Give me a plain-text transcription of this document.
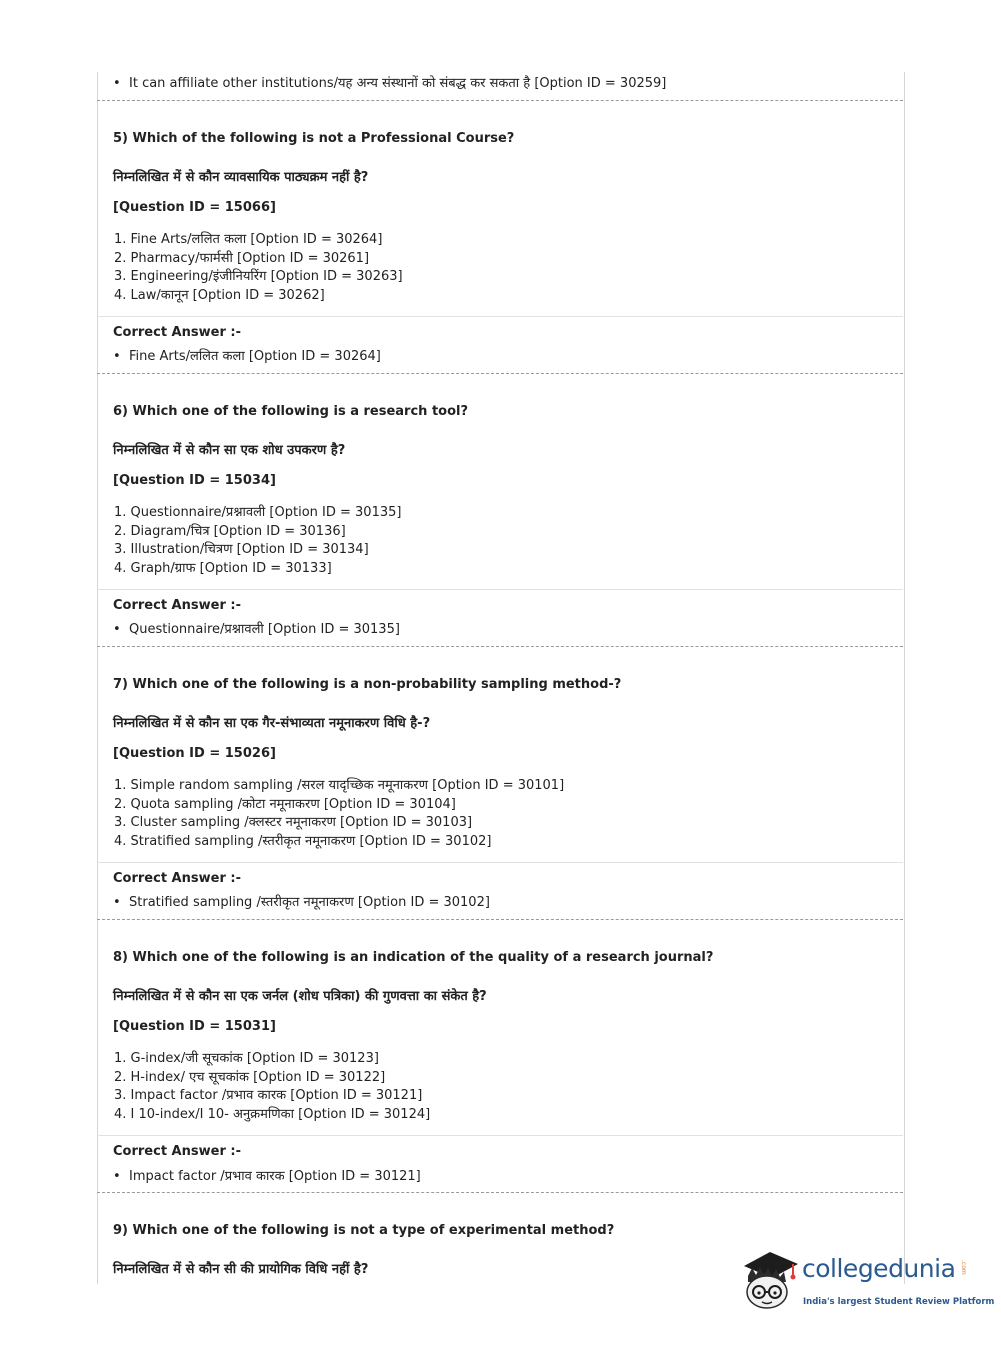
• It can affiliate other institutions/यह अन्य संस्थानों को संबद्ध कर सकता है [Option ID = 30259]
5) Which of the following is not a Professional Course?
निम्नलिखित में से कौन व्यावसायिक पाठ्यक्रम नहीं है?
[Question ID = 15066]
1. Fine Arts/ललित कला [Option ID = 30264]
2. Pharmacy/फार्मसी [Option ID = 30261]
3. Engineering/इंजीनियरिंग [Option ID = 30263]
4. Law/कानून [Option ID = 30262]
Correct Answer :-
• Fine Arts/ललित कला [Option ID = 30264]
6) Which one of the following is a research tool?
निम्नलिखित में से कौन सा एक शोध उपकरण है?
[Question ID = 15034]
1. Questionnaire/प्रश्नावली [Option ID = 30135]
2. Diagram/चित्र [Option ID = 30136]
3. Illustration/चित्रण [Option ID = 30134]
4. Graph/ग्राफ [Option ID = 30133]
Correct Answer :-
• Questionnaire/प्रश्नावली [Option ID = 30135]
7) Which one of the following is a non-probability sampling method-?
निम्नलिखित में से कौन सा एक गैर-संभाव्यता नमूनाकरण विधि है-?
[Question ID = 15026]
1. Simple random sampling /सरल यादृच्छिक नमूनाकरण [Option ID = 30101]
2. Quota sampling /कोटा नमूनाकरण [Option ID = 30104]
3. Cluster sampling /क्लस्टर नमूनाकरण [Option ID = 30103]
4. Stratified sampling /स्तरीकृत नमूनाकरण [Option ID = 30102]
Correct Answer :-
• Stratified sampling /स्तरीकृत नमूनाकरण [Option ID = 30102]
8) Which one of the following is an indication of the quality of a research journal?
निम्नलिखित में से कौन सा एक जर्नल (शोध पत्रिका) की गुणवत्ता का संकेत है?
[Question ID = 15031]
1. G-index/जी सूचकांक [Option ID = 30123]
2. H-index/ एच सूचकांक [Option ID = 30122]
3. Impact factor /प्रभाव कारक [Option ID = 30121]
4. I 10-index/I 10- अनुक्रमणिका [Option ID = 30124]
Correct Answer :-
• Impact factor /प्रभाव कारक [Option ID = 30121]
9) Which one of the following is not a type of experimental method?
निम्नलिखित में से कौन सी की प्रायोगिक विधि नहीं है?	collegedunia .com
India's largest Student Review Platform
